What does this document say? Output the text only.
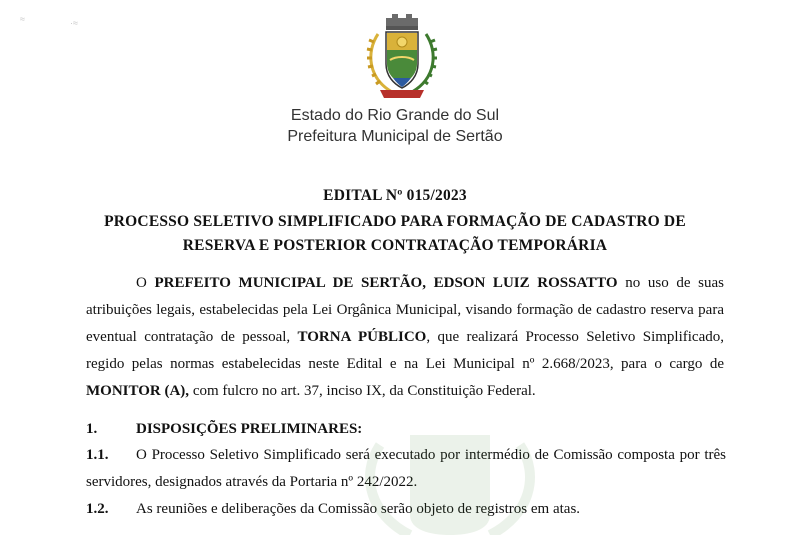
≈	·≈
Estado do Rio Grande do Sul
Prefeitura Municipal de Sertão
EDITAL Nº 015/2023
PROCESSO SELETIVO SIMPLIFICADO PARA FORMAÇÃO DE CADASTRO DE
RESERVA E POSTERIOR CONTRATAÇÃO TEMPORÁRIA
O PREFEITO MUNICIPAL DE SERTÃO, EDSON LUIZ ROSSATTO no uso de suas atribuições legais, estabelecidas pela Lei Orgânica Municipal, visando formação de cadastro reserva para eventual contratação de pessoal, TORNA PÚBLICO, que realizará Processo Seletivo Simplificado, regido pelas normas estabelecidas neste Edital e na Lei Municipal nº 2.668/2023, para o cargo de MONITOR (A), com fulcro no art. 37, inciso IX, da Constituição Federal.
1.	DISPOSIÇÕES PRELIMINARES:
1.1. O Processo Seletivo Simplificado será executado por intermédio de Comissão composta por três servidores, designados através da Portaria nº 242/2022.
1.2. As reuniões e deliberações da Comissão serão objeto de registros em atas.
